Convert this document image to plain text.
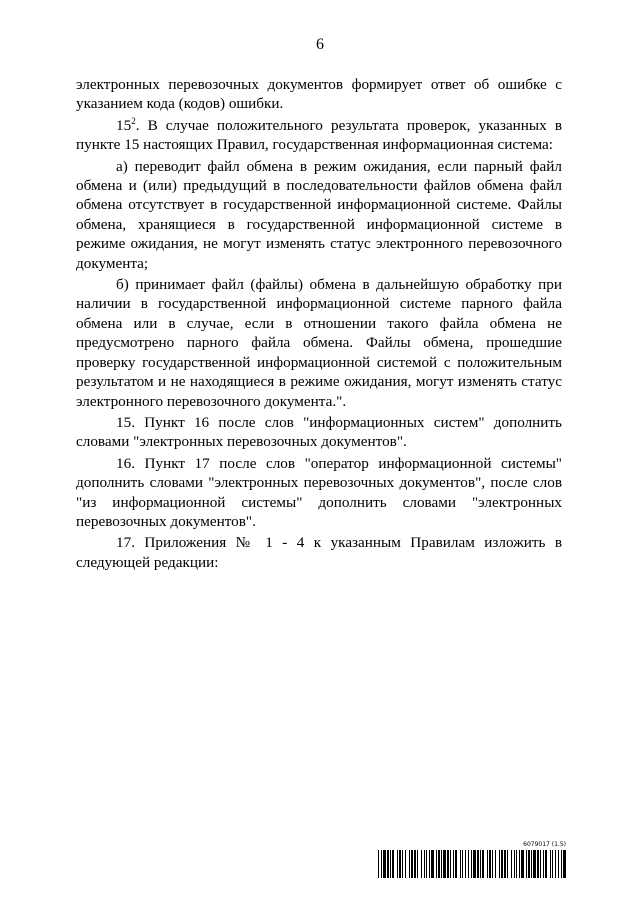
6

электронных перевозочных документов формирует ответ об ошибке с указанием кода (кодов) ошибки.

$15^2$. В случае положительного результата проверок, указанных в пункте 15 настоящих Правил, государственная информационная система:

а) переводит файл обмена в режим ожидания, если парный файл обмена и (или) предыдущий в последовательности файлов обмена файл обмена отсутствует в государственной информационной системе. Файлы обмена, хранящиеся в государственной информационной системе в режиме ожидания, не могут изменять статус электронного перевозочного документа;

б) принимает файл (файлы) обмена в дальнейшую обработку при наличии в государственной информационной системе парного файла обмена или в случае, если в отношении такого файла обмена не предусмотрено парного файла обмена. Файлы обмена, прошедшие проверку государственной информационной системой с положительным результатом и не находящиеся в режиме ожидания, могут изменять статус электронного перевозочного документа.".

15. Пункт 16 после слов "информационных систем" дополнить словами "электронных перевозочных документов".

16. Пункт 17 после слов "оператор информационной системы" дополнить словами "электронных перевозочных документов", после слов "из информационной системы" дополнить словами "электронных перевозочных документов".

17. Приложения № 1 - 4 к указанным Правилам изложить в следующей редакции:

6079017 (1.5)
